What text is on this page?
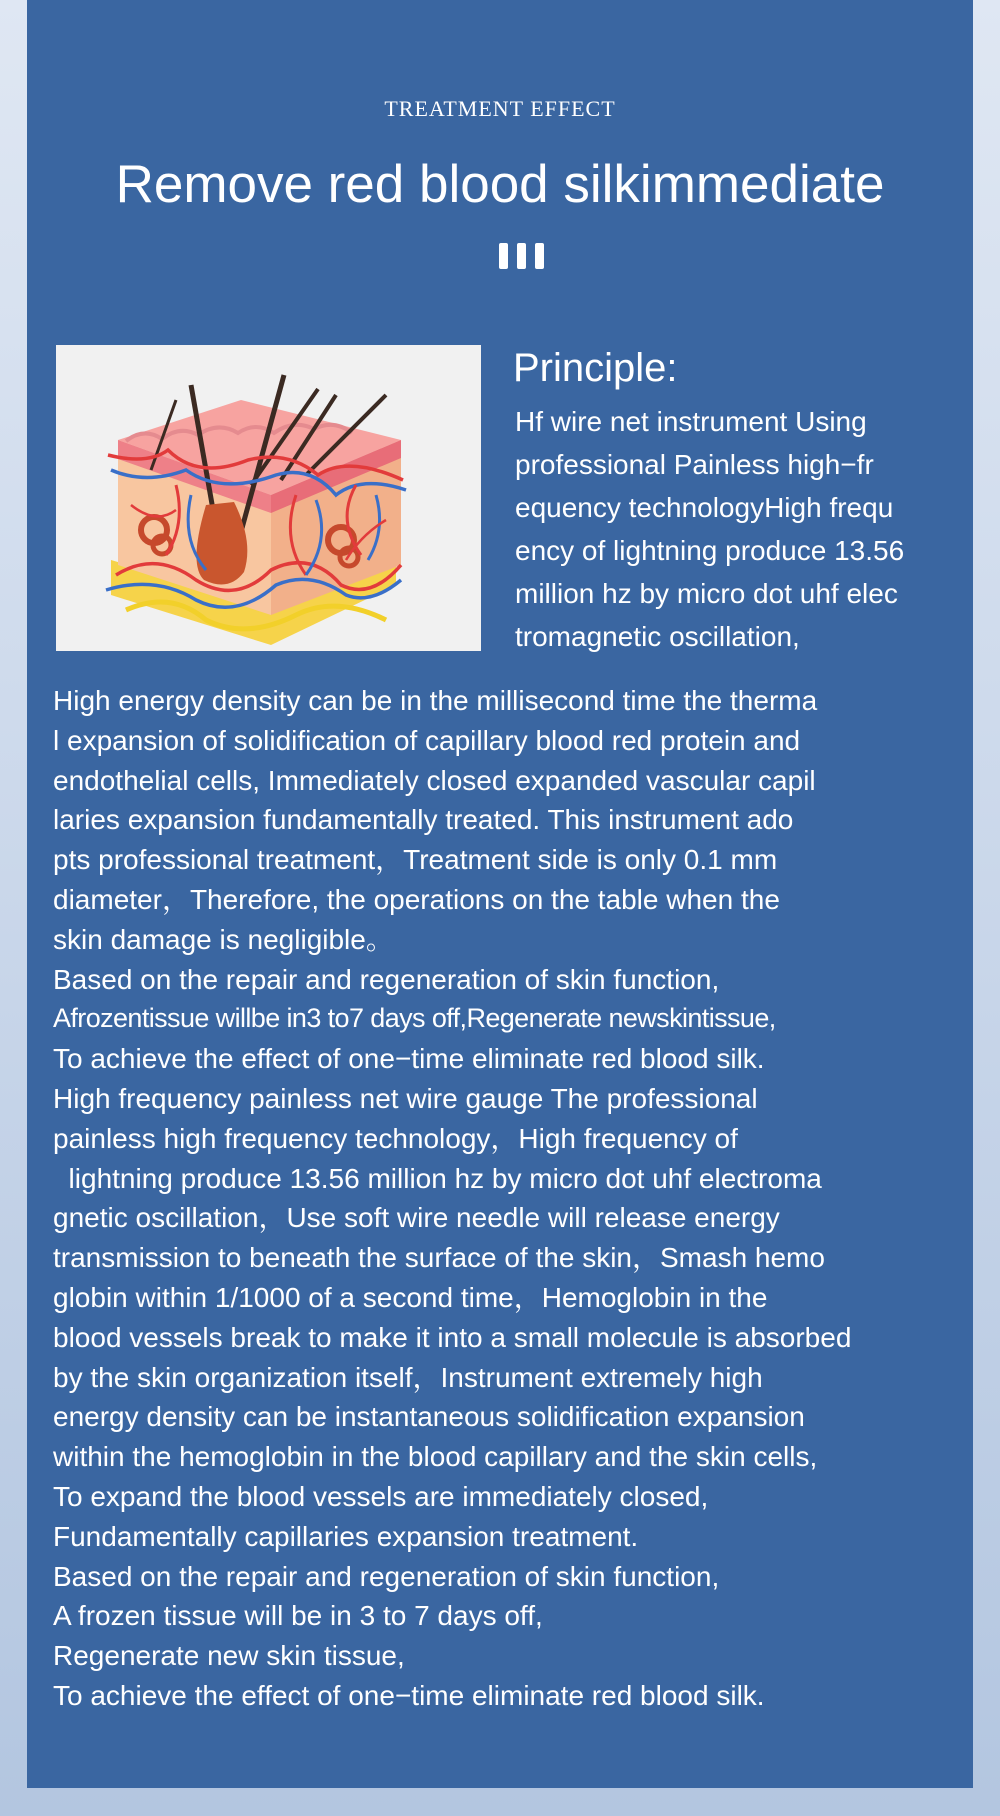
TREATMENT EFFECT
Remove red blood silkimmediate
Principle:
Hf wire net instrument Using
professional Painless high−fr
equency technologyHigh frequ
ency of lightning produce 13.56
million hz by micro dot uhf elec
tromagnetic oscillation,
High energy density can be in the millisecond time the therma
l expansion of solidification of capillary blood red protein and
endothelial cells, Immediately closed expanded vascular capil
laries expansion fundamentally treated. This instrument ado
pts professional treatment，Treatment side is only 0.1 mm
diameter，Therefore, the operations on the table when the
skin damage is negligible。
Based on the repair and regeneration of skin function,
Afrozentissue willbe in3 to7 days off,Regenerate newskintissue,
To achieve the effect of one−time eliminate red blood silk.
High frequency painless net wire gauge The professional
painless high frequency technology，High frequency of
lightning produce 13.56 million hz by micro dot uhf electroma
gnetic oscillation，Use soft wire needle will release energy
transmission to beneath the surface of the skin，Smash hemo
globin within 1/1000 of a second time，Hemoglobin in the
blood vessels break to make it into a small molecule is absorbed
by the skin organization itself，Instrument extremely high
energy density can be instantaneous solidification expansion
within the hemoglobin in the blood capillary and the skin cells,
To expand the blood vessels are immediately closed,
Fundamentally capillaries expansion treatment.
Based on the repair and regeneration of skin function,
A frozen tissue will be in 3 to 7 days off,
Regenerate new skin tissue,
To achieve the effect of one−time eliminate red blood silk.
